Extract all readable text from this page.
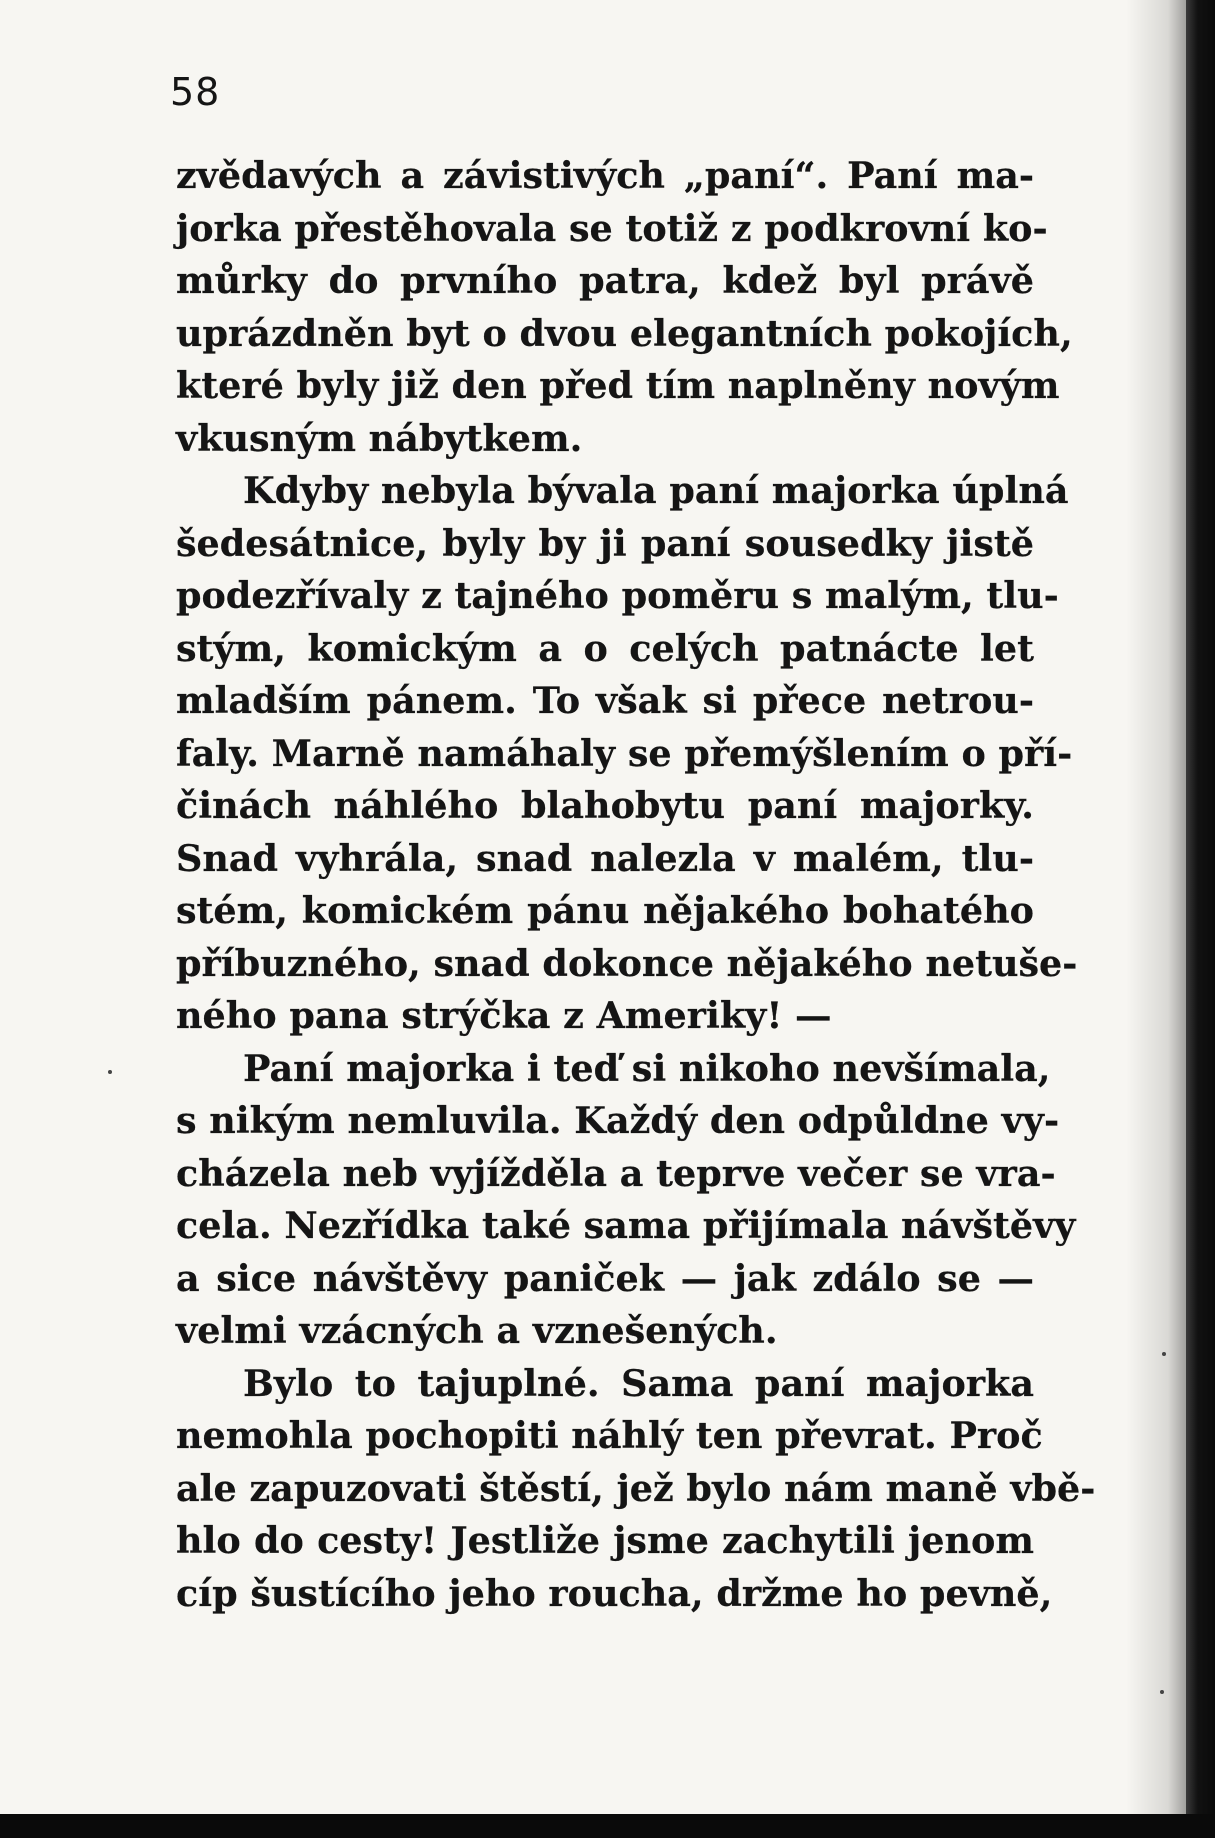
58
zvědavých a závistivých „paní“. Paní ma-
jorka přestěhovala se totiž z podkrovní ko-
můrky do prvního patra, kdež byl právě
uprázdněn byt o dvou elegantních pokojích,
které byly již den před tím naplněny novým
vkusným nábytkem.
Kdyby nebyla bývala paní majorka úplná
šedesátnice, byly by ji paní sousedky jistě
podezřívaly z tajného poměru s malým, tlu-
stým, komickým a o celých patnácte let
mladším pánem. To však si přece netrou-
faly. Marně namáhaly se přemýšlením o pří-
činách náhlého blahobytu paní majorky.
Snad vyhrála, snad nalezla v malém, tlu-
stém, komickém pánu nějakého bohatého
příbuzného, snad dokonce nějakého netuše-
ného pana strýčka z Ameriky! —
Paní majorka i teď si nikoho nevšímala,
s nikým nemluvila. Každý den odpůldne vy-
cházela neb vyjížděla a teprve večer se vra-
cela. Nezřídka také sama přijímala návštěvy
a sice návštěvy paniček — jak zdálo se —
velmi vzácných a vznešených.
Bylo to tajuplné. Sama paní majorka
nemohla pochopiti náhlý ten převrat. Proč
ale zapuzovati štěstí, jež bylo nám maně vbě-
hlo do cesty! Jestliže jsme zachytili jenom
cíp šustícího jeho roucha, držme ho pevně,
